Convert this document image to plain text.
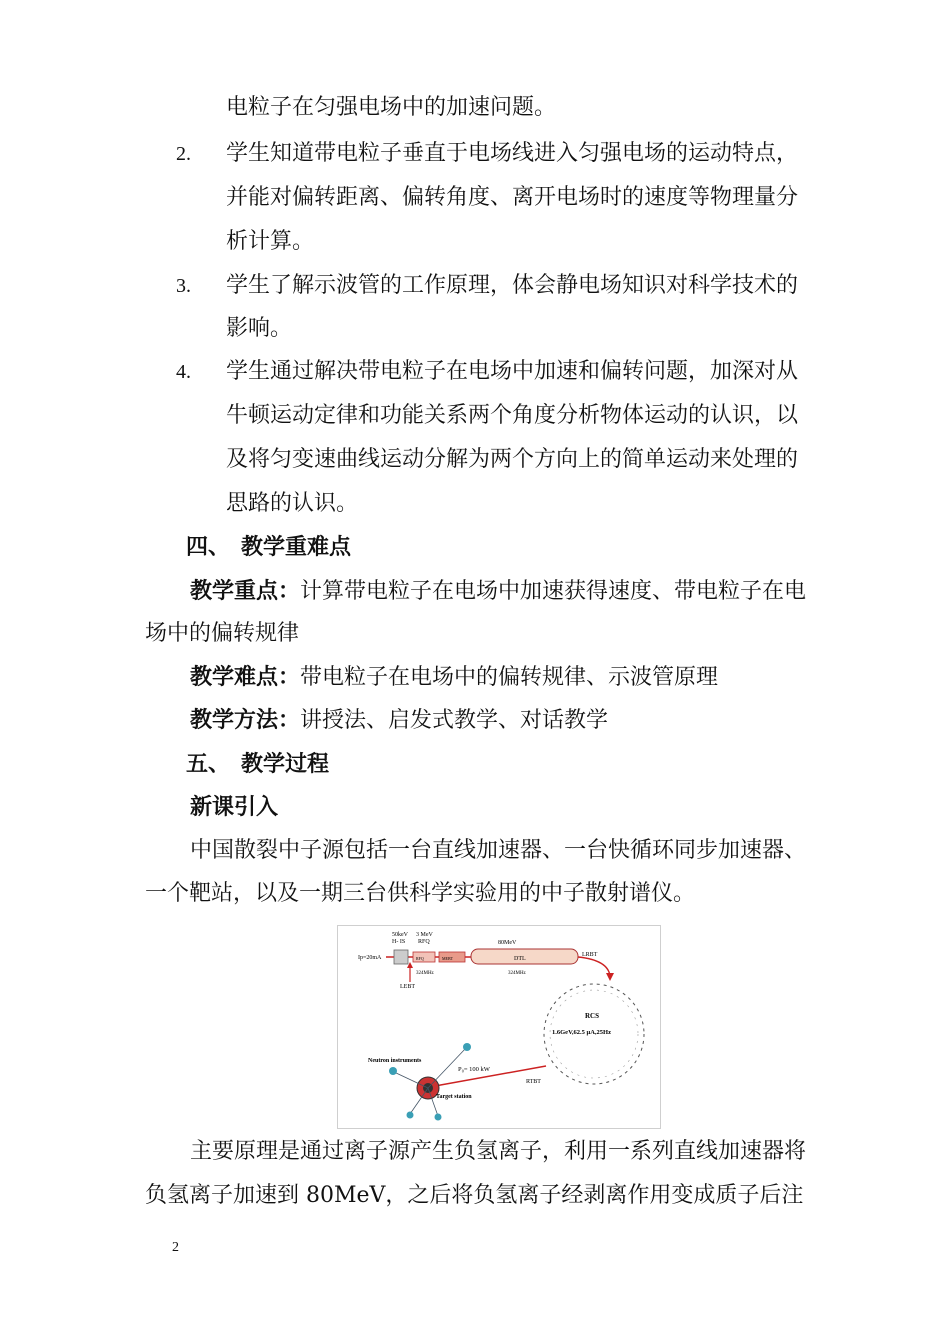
电粒子在匀强电场中的加速问题。
2. 学生知道带电粒子垂直于电场线进入匀强电场的运动特点，
并能对偏转距离、偏转角度、离开电场时的速度等物理量分
析计算。
3. 学生了解示波管的工作原理，体会静电场知识对科学技术的
影响。
4. 学生通过解决带电粒子在电场中加速和偏转问题，加深对从
牛顿运动定律和功能关系两个角度分析物体运动的认识，以
及将匀变速曲线运动分解为两个方向上的简单运动来处理的
思路的认识。
四、　教学重难点
教学重点：计算带电粒子在电场中加速获得速度、带电粒子在电
场中的偏转规律
教学难点：带电粒子在电场中的偏转规律、示波管原理
教学方法：讲授法、启发式教学、对话教学
五、　教学过程
新课引入
中国散裂中子源包括一台直线加速器、一台快循环同步加速器、
一个靶站，以及一期三台供科学实验用的中子散射谱仪。
50keV
H- IS
3 MeV
RFQ
Ip=20mA	RFQ	MEBT	DTL
80MeV
324MHz	324MHz
LEBT
LRBT
RCS
1.6GeV,62.5 μA,25Hz
Neutron instruments
P₀= 100 kW
RTBT
Target station
主要原理是通过离子源产生负氢离子，利用一系列直线加速器将
负氢离子加速到 80MeV，之后将负氢离子经剥离作用变成质子后注
2
